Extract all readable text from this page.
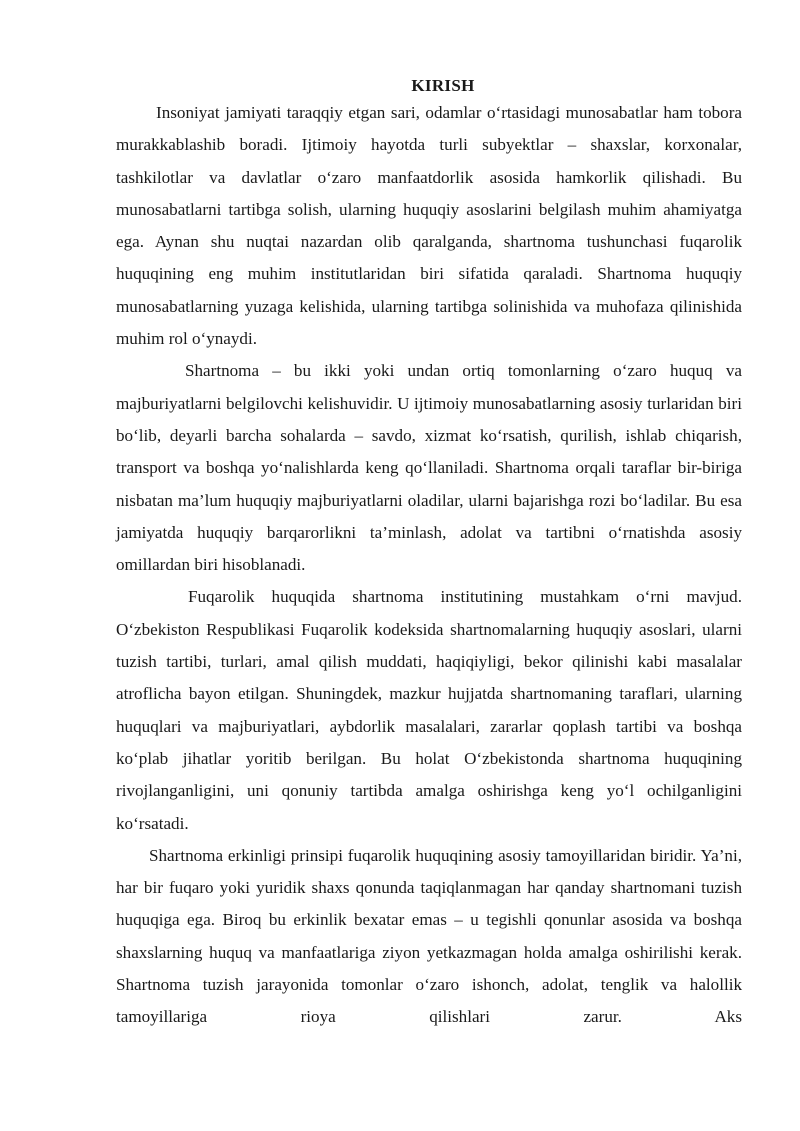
KIRISH

Insoniyat jamiyati taraqqiy etgan sari, odamlar o‘rtasidagi munosabatlar ham tobora murakkablashib boradi. Ijtimoiy hayotda turli subyektlar – shaxslar, korxonalar, tashkilotlar va davlatlar o‘zaro manfaatdorlik asosida hamkorlik qilishadi. Bu munosabatlarni tartibga solish, ularning huquqiy asoslarini belgilash muhim ahamiyatga ega. Aynan shu nuqtai nazardan olib qaralganda, shartnoma tushunchasi fuqarolik huquqining eng muhim institutlaridan biri sifatida qaraladi. Shartnoma huquqiy munosabatlarning yuzaga kelishida, ularning tartibga solinishida va muhofaza qilinishida muhim rol o‘ynaydi.

Shartnoma – bu ikki yoki undan ortiq tomonlarning o‘zaro huquq va majburiyatlarni belgilovchi kelishuvidir. U ijtimoiy munosabatlarning asosiy turlaridan biri bo‘lib, deyarli barcha sohalarda – savdo, xizmat ko‘rsatish, qurilish, ishlab chiqarish, transport va boshqa yo‘nalishlarda keng qo‘llaniladi. Shartnoma orqali taraflar bir-biriga nisbatan ma’lum huquqiy majburiyatlarni oladilar, ularni bajarishga rozi bo‘ladilar. Bu esa jamiyatda huquqiy barqarorlikni ta’minlash, adolat va tartibni o‘rnatishda asosiy omillardan biri hisoblanadi.

Fuqarolik huquqida shartnoma institutining mustahkam o‘rni mavjud. O‘zbekiston Respublikasi Fuqarolik kodeksida shartnomalarning huquqiy asoslari, ularni tuzish tartibi, turlari, amal qilish muddati, haqiqiyligi, bekor qilinishi kabi masalalar atroflicha bayon etilgan. Shuningdek, mazkur hujjatda shartnomaning taraflari, ularning huquqlari va majburiyatlari, aybdorlik masalalari, zararlar qoplash tartibi va boshqa ko‘plab jihatlar yoritib berilgan. Bu holat O‘zbekistonda shartnoma huquqining rivojlanganligini, uni qonuniy tartibda amalga oshirishga keng yo‘l ochilganligini ko‘rsatadi.

Shartnoma erkinligi prinsipi fuqarolik huquqining asosiy tamoyillaridan biridir. Ya’ni, har bir fuqaro yoki yuridik shaxs qonunda taqiqlanmagan har qanday shartnomani tuzish huquqiga ega. Biroq bu erkinlik bexatar emas – u tegishli qonunlar asosida va boshqa shaxslarning huquq va manfaatlariga ziyon yetkazmagan holda amalga oshirilishi kerak. Shartnoma tuzish jarayonida tomonlar o‘zaro ishonch, adolat, tenglik va halollik tamoyillariga rioya qilishlari zarur. Aks
